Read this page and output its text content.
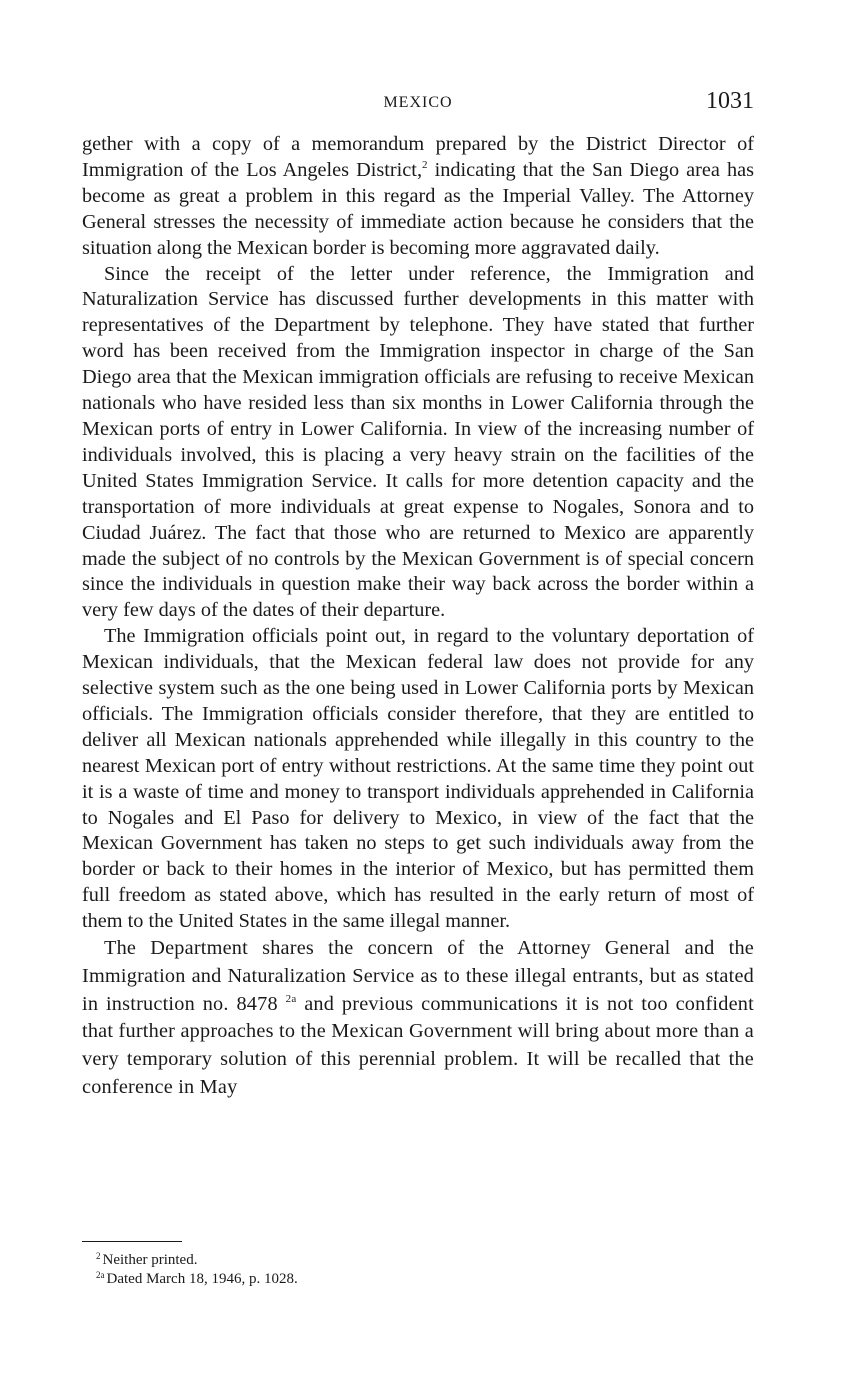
MEXICO	1031

gether with a copy of a memorandum prepared by the District Director of Immigration of the Los Angeles District,$^2$ indicating that the San Diego area has become as great a problem in this regard as the Imperial Valley. The Attorney General stresses the necessity of immediate action because he considers that the situation along the Mexican border is becoming more aggravated daily.

Since the receipt of the letter under reference, the Immigration and Naturalization Service has discussed further developments in this matter with representatives of the Department by telephone. They have stated that further word has been received from the Immigration inspector in charge of the San Diego area that the Mexican immigration officials are refusing to receive Mexican nationals who have resided less than six months in Lower California through the Mexican ports of entry in Lower California. In view of the increasing number of individuals involved, this is placing a very heavy strain on the facilities of the United States Immigration Service. It calls for more detention capacity and the transportation of more individuals at great expense to Nogales, Sonora and to Ciudad Juárez. The fact that those who are returned to Mexico are apparently made the subject of no controls by the Mexican Government is of special concern since the individuals in question make their way back across the border within a very few days of the dates of their departure.

The Immigration officials point out, in regard to the voluntary deportation of Mexican individuals, that the Mexican federal law does not provide for any selective system such as the one being used in Lower California ports by Mexican officials. The Immigration officials consider therefore, that they are entitled to deliver all Mexican nationals apprehended while illegally in this country to the nearest Mexican port of entry without restrictions. At the same time they point out it is a waste of time and money to transport individuals apprehended in California to Nogales and El Paso for delivery to Mexico, in view of the fact that the Mexican Government has taken no steps to get such individuals away from the border or back to their homes in the interior of Mexico, but has permitted them full freedom as stated above, which has resulted in the early return of most of them to the United States in the same illegal manner.

The Department shares the concern of the Attorney General and the Immigration and Naturalization Service as to these illegal entrants, but as stated in instruction no. 8478 $^{2a}$ and previous communications it is not too confident that further approaches to the Mexican Government will bring about more than a very temporary solution of this perennial problem. It will be recalled that the conference in May

$^2$ Neither printed.
$^{2a}$ Dated March 18, 1946, p. 1028.
